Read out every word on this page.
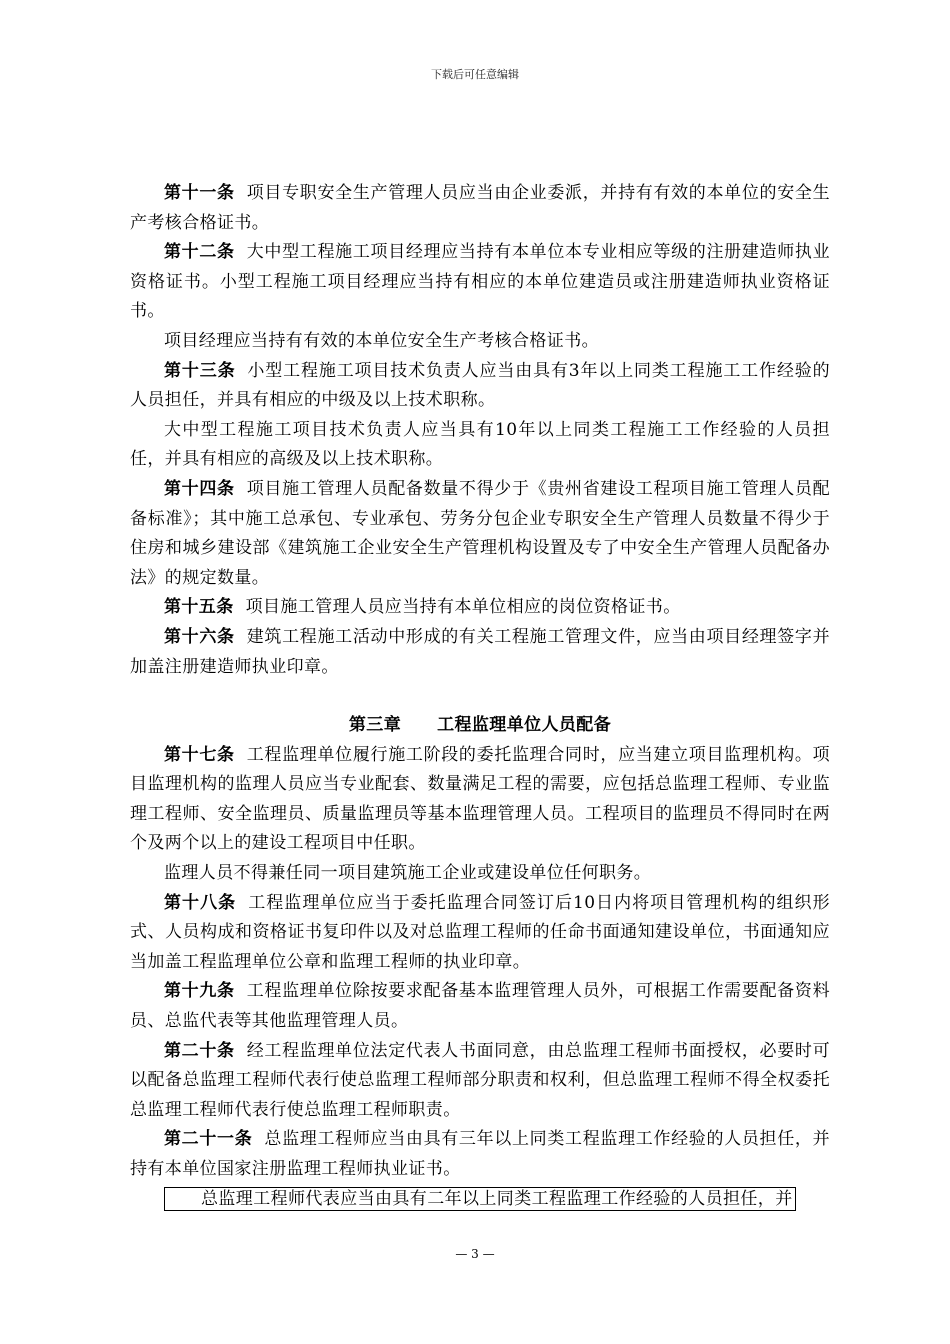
下载后可任意编辑

第十一条 项目专职安全生产管理人员应当由企业委派，并持有有效的本单位的安全生产考核合格证书。

第十二条 大中型工程施工项目经理应当持有本单位本专业相应等级的注册建造师执业资格证书。小型工程施工项目经理应当持有相应的本单位建造员或注册建造师执业资格证书。

项目经理应当持有有效的本单位安全生产考核合格证书。

第十三条 小型工程施工项目技术负责人应当由具有3年以上同类工程施工工作经验的人员担任，并具有相应的中级及以上技术职称。

大中型工程施工项目技术负责人应当具有10年以上同类工程施工工作经验的人员担任，并具有相应的高级及以上技术职称。

第十四条 项目施工管理人员配备数量不得少于《贵州省建设工程项目施工管理人员配备标准》；其中施工总承包、专业承包、劳务分包企业专职安全生产管理人员数量不得少于住房和城乡建设部《建筑施工企业安全生产管理机构设置及专了中安全生产管理人员配备办法》的规定数量。

第十五条 项目施工管理人员应当持有本单位相应的岗位资格证书。

第十六条 建筑工程施工活动中形成的有关工程施工管理文件，应当由项目经理签字并加盖注册建造师执业印章。

第三章 工程监理单位人员配备

第十七条 工程监理单位履行施工阶段的委托监理合同时，应当建立项目监理机构。项目监理机构的监理人员应当专业配套、数量满足工程的需要，应包括总监理工程师、专业监理工程师、安全监理员、质量监理员等基本监理管理人员。工程项目的监理员不得同时在两个及两个以上的建设工程项目中任职。

监理人员不得兼任同一项目建筑施工企业或建设单位任何职务。

第十八条 工程监理单位应当于委托监理合同签订后10日内将项目管理机构的组织形式、人员构成和资格证书复印件以及对总监理工程师的任命书面通知建设单位，书面通知应当加盖工程监理单位公章和监理工程师的执业印章。

第十九条 工程监理单位除按要求配备基本监理管理人员外，可根据工作需要配备资料员、总监代表等其他监理管理人员。

第二十条 经工程监理单位法定代表人书面同意，由总监理工程师书面授权，必要时可以配备总监理工程师代表行使总监理工程师部分职责和权利，但总监理工程师不得全权委托总监理工程师代表行使总监理工程师职责。

第二十一条 总监理工程师应当由具有三年以上同类工程监理工作经验的人员担任，并持有本单位国家注册监理工程师执业证书。

总监理工程师代表应当由具有二年以上同类工程监理工作经验的人员担任，并

— 3 —
